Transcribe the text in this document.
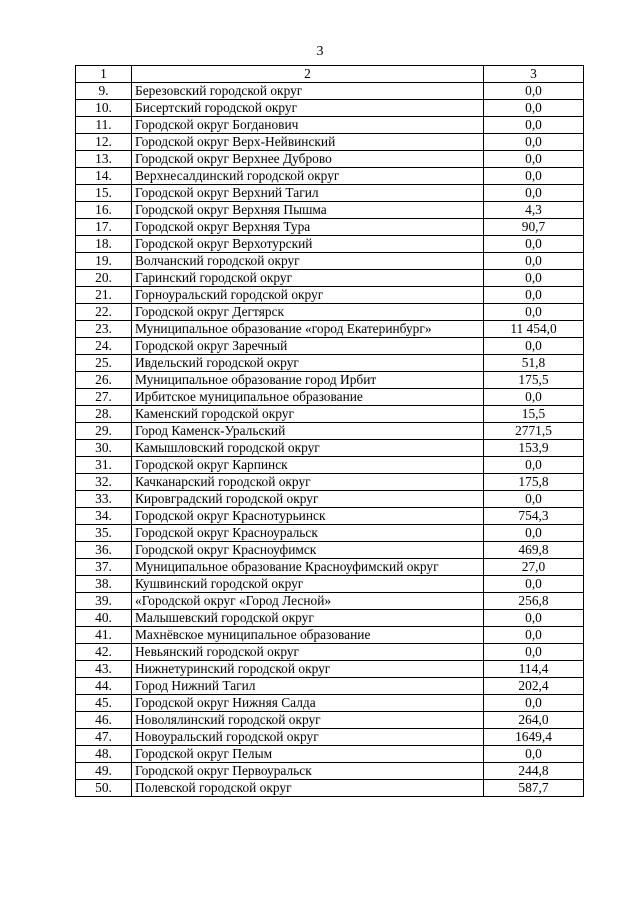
3
1	2	3
9.	Березовский городской округ	0,0
10.	Бисертский городской округ	0,0
11.	Городской округ Богданович	0,0
12.	Городской округ Верх-Нейвинский	0,0
13.	Городской округ Верхнее Дуброво	0,0
14.	Верхнесалдинский городской округ	0,0
15.	Городской округ Верхний Тагил	0,0
16.	Городской округ Верхняя Пышма	4,3
17.	Городской округ Верхняя Тура	90,7
18.	Городской округ Верхотурский	0,0
19.	Волчанский городской округ	0,0
20.	Гаринский городской округ	0,0
21.	Горноуральский городской округ	0,0
22.	Городской округ Дегтярск	0,0
23.	Муниципальное образование «город Екатеринбург»	11 454,0
24.	Городской округ Заречный	0,0
25.	Ивдельский городской округ	51,8
26.	Муниципальное образование город Ирбит	175,5
27.	Ирбитское муниципальное образование	0,0
28.	Каменский городской округ	15,5
29.	Город Каменск-Уральский	2771,5
30.	Камышловский городской округ	153,9
31.	Городской округ Карпинск	0,0
32.	Качканарский городской округ	175,8
33.	Кировградский городской округ	0,0
34.	Городской округ Краснотурьинск	754,3
35.	Городской округ Красноуральск	0,0
36.	Городской округ Красноуфимск	469,8
37.	Муниципальное образование Красноуфимский округ	27,0
38.	Кушвинский городской округ	0,0
39.	«Городской округ «Город Лесной»	256,8
40.	Малышевский городской округ	0,0
41.	Махнёвское муниципальное образование	0,0
42.	Невьянский городской округ	0,0
43.	Нижнетуринский городской округ	114,4
44.	Город Нижний Тагил	202,4
45.	Городской округ Нижняя Салда	0,0
46.	Новолялинский городской округ	264,0
47.	Новоуральский городской округ	1649,4
48.	Городской округ Пелым	0,0
49.	Городской округ Первоуральск	244,8
50.	Полевской городской округ	587,7
